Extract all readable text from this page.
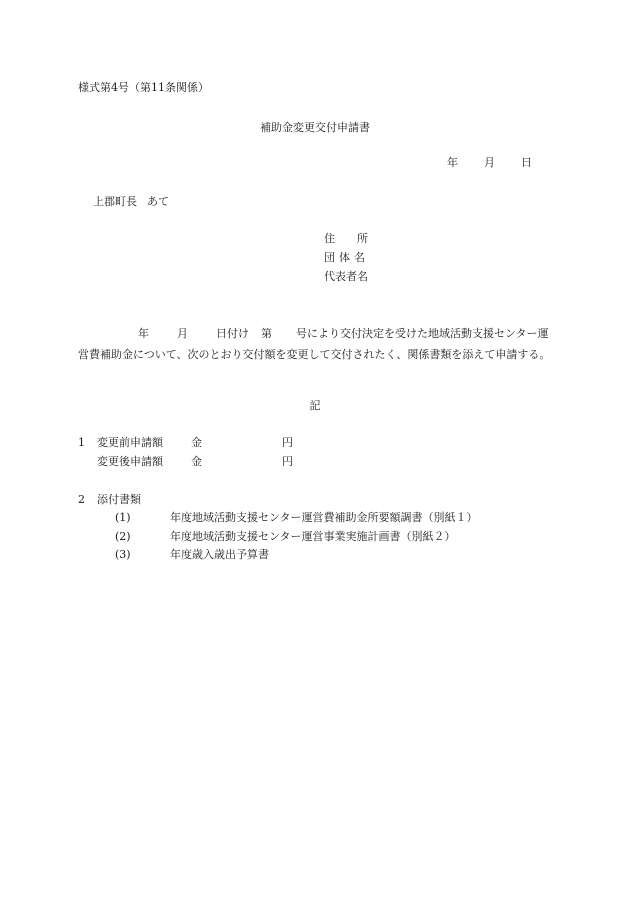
様式第4号（第11条関係）
補助金変更交付申請書
年 月 日
上郡町長 あて
住所
団体名
代表者名
年	月	日付け 第 号により交付決定を受けた地域活動支援センター運営費補助金について、次のとおり交付額を変更して交付されたく、関係書類を添えて申請する。
記
1 変更前申請額	金	円
変更後申請額	金	円
2 添付書類
(1)	年度地域活動支援センター運営費補助金所要額調書（別紙１）
(2)	年度地域活動支援センター運営事業実施計画書（別紙２）
(3)	年度歳入歳出予算書
